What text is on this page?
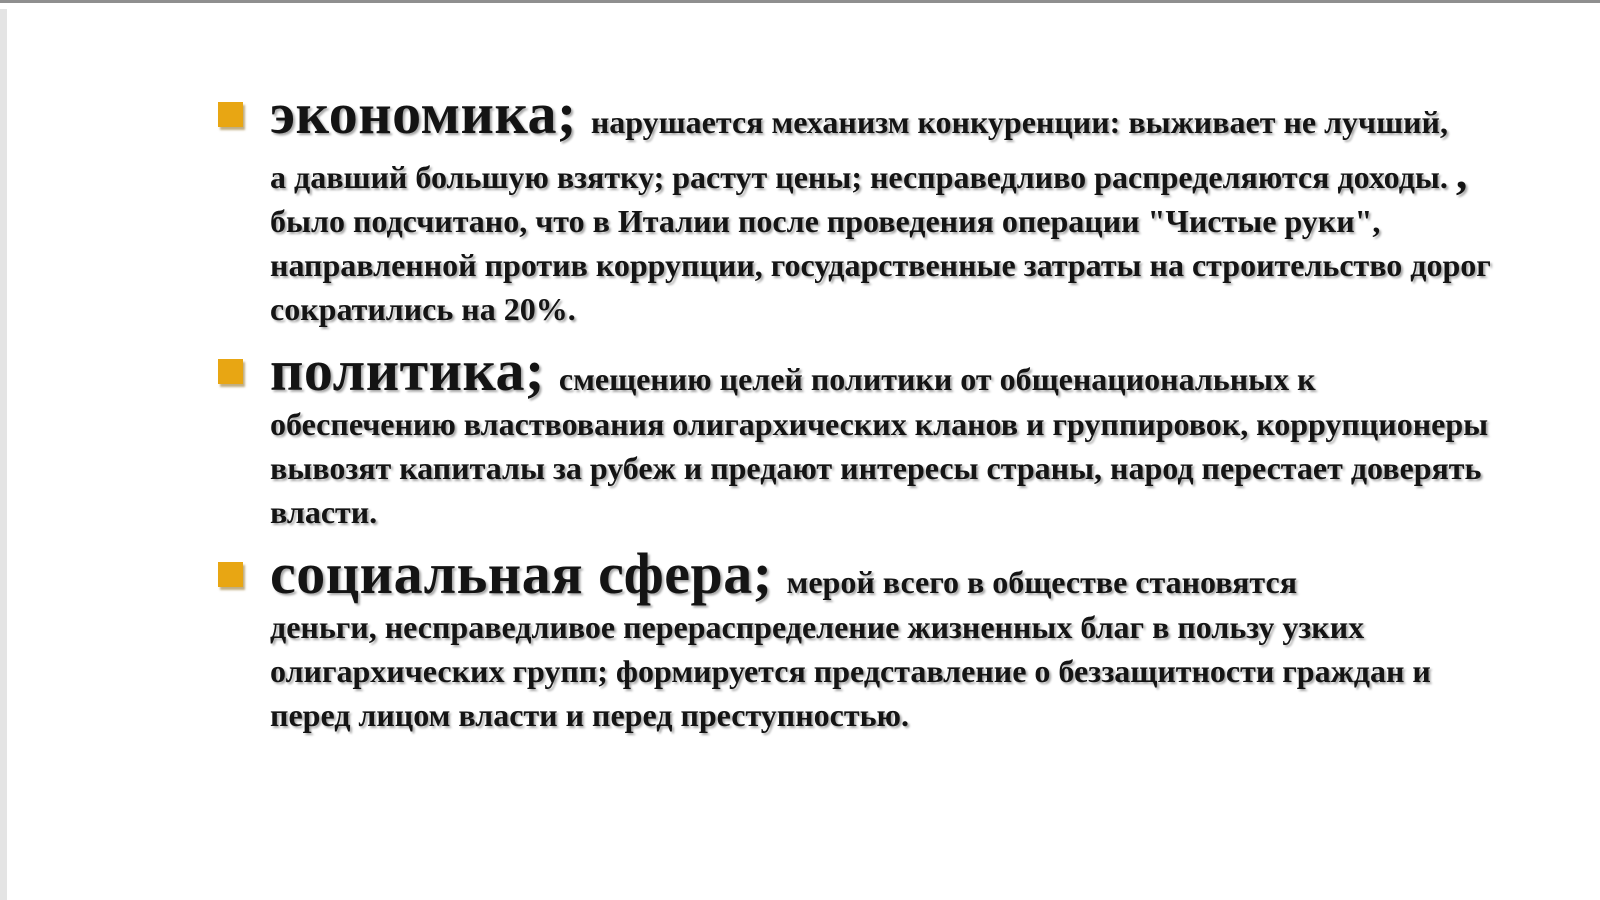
экономика; нарушается механизм конкуренции: выживает не лучший,

а давший большую взятку; растут цены; несправедливо распределяются доходы. , было подсчитано, что в Италии после проведения операции "Чистые руки", направленной против коррупции, государственные затраты на строительство дорог сократились на 20%.

политика; смещению целей политики от общенациональных к

обеспечению властвования олигархических кланов и группировок, коррупционеры вывозят капиталы за рубеж и предают интересы страны, народ перестает доверять власти.

социальная сфера; мерой всего в обществе становятся

деньги, несправедливое перераспределение жизненных благ в пользу узких олигархических групп; формируется представление о беззащитности граждан и перед лицом власти и перед преступностью.
